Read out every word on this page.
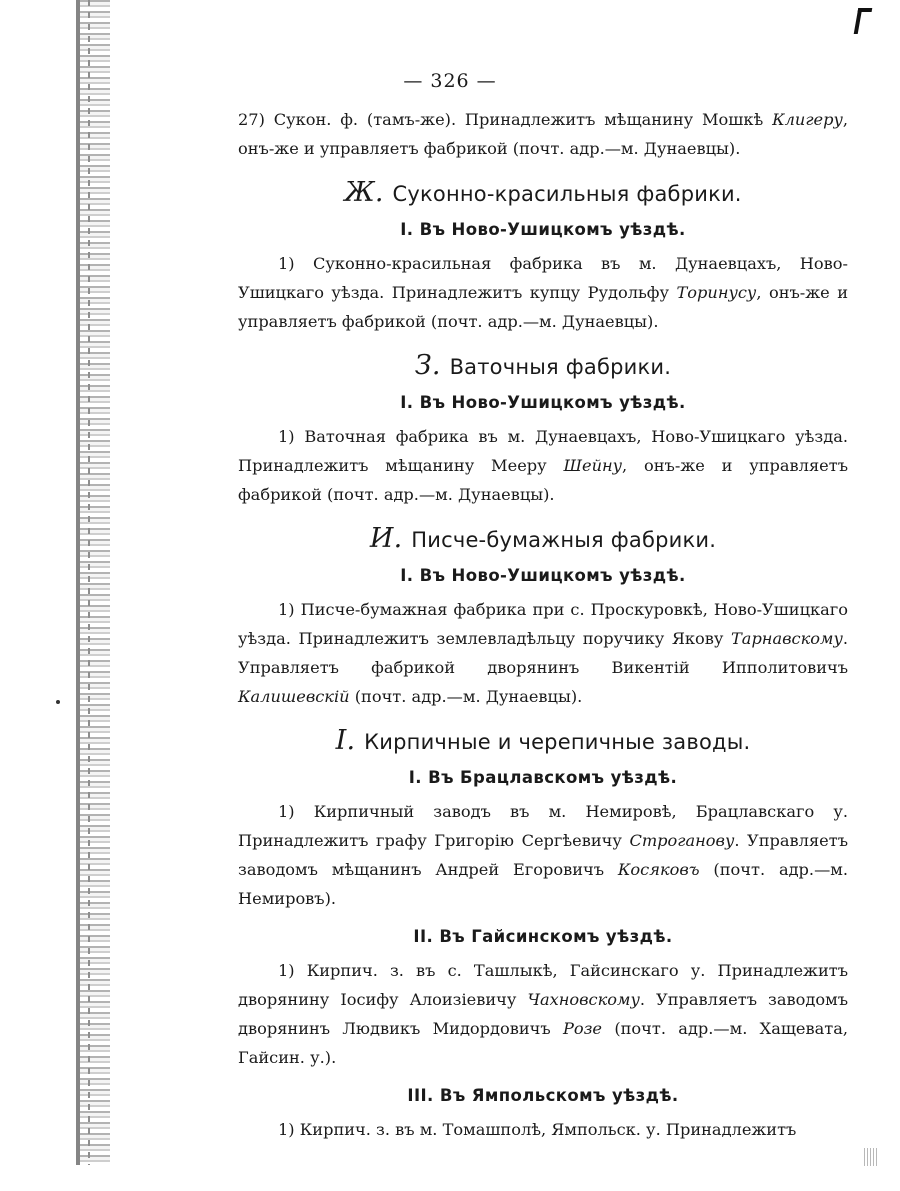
— 326 —

27) Сукон. ф. (тамъ-же). Принадлежитъ мѣщанину Мошкѣ Клигеру, онъ-же и управляетъ фабрикой (почт. адр.—м. Дунаевцы).

Ж. Суконно-красильныя фабрики.
I. Въ Ново-Ушицкомъ уѣздѣ.

1) Суконно-красильная фабрика въ м. Дунаевцахъ, Ново-Ушицкаго уѣзда. Принадлежитъ купцу Рудольфу Торинусу, онъ-же и управляетъ фабрикой (почт. адр.—м. Дунаевцы).

З. Ваточныя фабрики.
I. Въ Ново-Ушицкомъ уѣздѣ.

1) Ваточная фабрика въ м. Дунаевцахъ, Ново-Ушицкаго уѣзда. Принадлежитъ мѣщанину Мееру Шейну, онъ-же и управляетъ фабрикой (почт. адр.—м. Дунаевцы).

И. Писче-бумажныя фабрики.
I. Въ Ново-Ушицкомъ уѣздѣ.

1) Писче-бумажная фабрика при с. Проскуровкѣ, Ново-Ушицкаго уѣзда. Принадлежитъ землевладѣльцу поручику Якову Тарнавскому. Управляетъ фабрикой дворянинъ Викентій Ипполитовичъ Калишевскій (почт. адр.—м. Дунаевцы).

І. Кирпичные и черепичные заводы.
I. Въ Брацлавскомъ уѣздѣ.

1) Кирпичный заводъ въ м. Немировѣ, Брацлавскаго у. Принадлежитъ графу Григорію Сергѣевичу Строганову. Управляетъ заводомъ мѣщанинъ Андрей Егоровичъ Косяковъ (почт. адр.—м. Немировъ).

II. Въ Гайсинскомъ уѣздѣ.

1) Кирпич. з. въ с. Ташлыкѣ, Гайсинскаго у. Принадлежитъ дворянину Іосифу Алоизіевичу Чахновскому. Управляетъ заводомъ дворянинъ Людвикъ Мидордовичъ Розе (почт. адр.—м. Хащевата, Гайсин. у.).

III. Въ Ямпольскомъ уѣздѣ.

1) Кирпич. з. въ м. Томашполѣ, Ямпольск. у. Принадлежитъ
